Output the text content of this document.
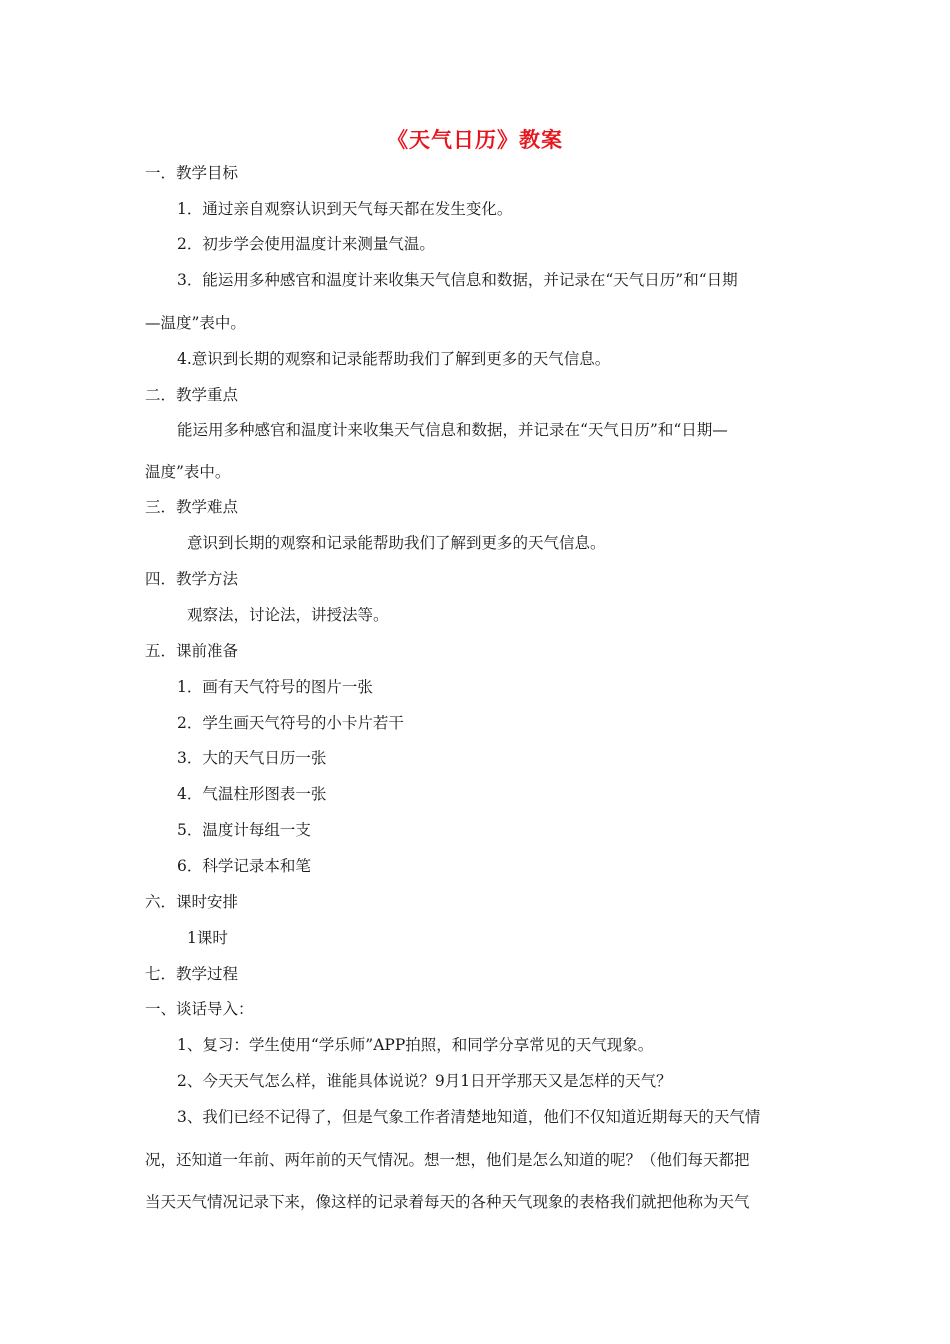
《天气日历》教案
一．教学目标
1．通过亲自观察认识到天气每天都在发生变化。
2．初步学会使用温度计来测量气温。
3．能运用多种感官和温度计来收集天气信息和数据，并记录在“天气日历”和“日期
—温度”表中。
4.意识到长期的观察和记录能帮助我们了解到更多的天气信息。
二．教学重点
能运用多种感官和温度计来收集天气信息和数据，并记录在“天气日历”和“日期—
温度”表中。
三．教学难点
意识到长期的观察和记录能帮助我们了解到更多的天气信息。
四．教学方法
观察法，讨论法，讲授法等。
五．课前准备
1．画有天气符号的图片一张
2．学生画天气符号的小卡片若干
3．大的天气日历一张
4．气温柱形图表一张
5．温度计每组一支
6．科学记录本和笔
六．课时安排
1课时
七．教学过程
一、谈话导入：
1、复习：学生使用“学乐师”APP拍照，和同学分享常见的天气现象。
2、今天天气怎么样，谁能具体说说？9月1日开学那天又是怎样的天气？
3、我们已经不记得了，但是气象工作者清楚地知道，他们不仅知道近期每天的天气情
况，还知道一年前、两年前的天气情况。想一想，他们是怎么知道的呢？（他们每天都把
当天天气情况记录下来，像这样的记录着每天的各种天气现象的表格我们就把他称为天气
